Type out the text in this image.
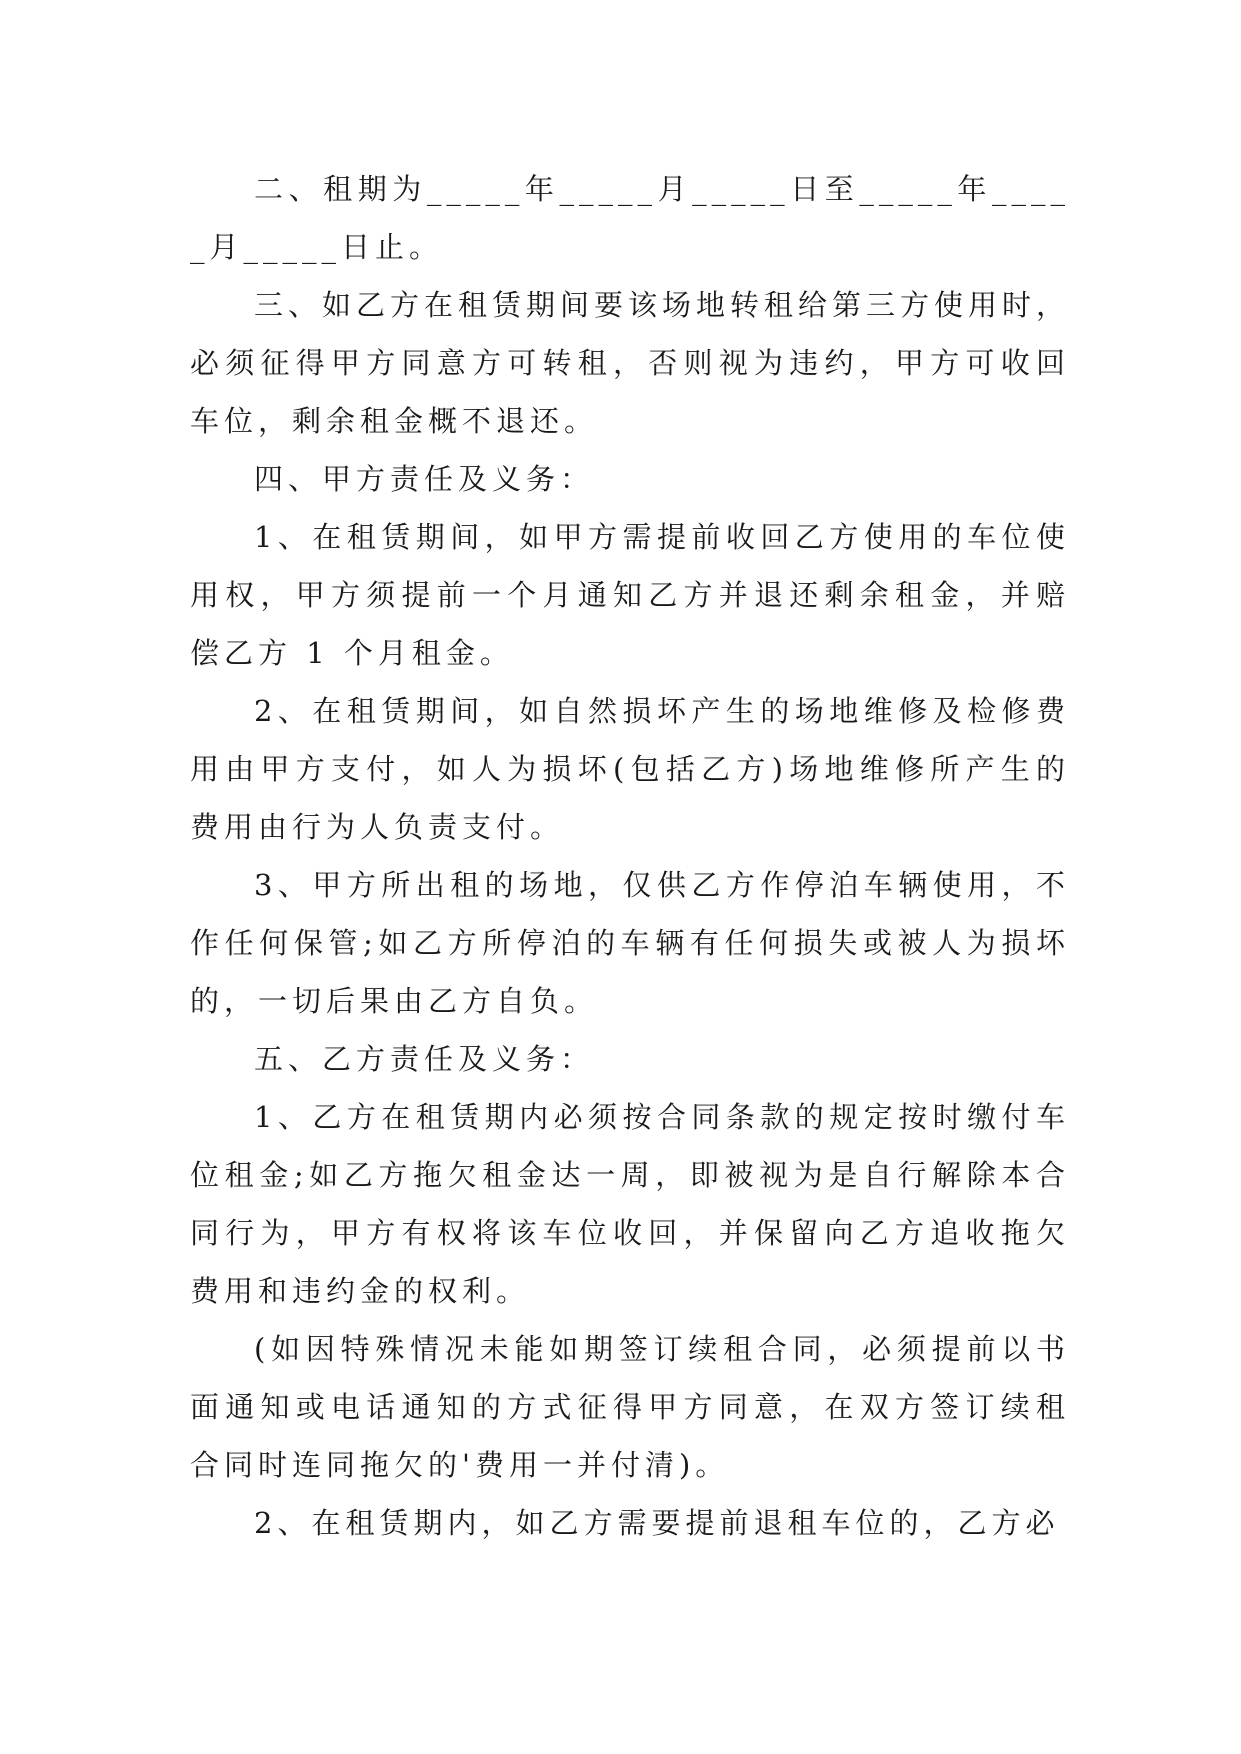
二、租期为_____年_____月_____日至_____年_____月_____日止。

三、如乙方在租赁期间要该场地转租给第三方使用时，必须征得甲方同意方可转租，否则视为违约，甲方可收回车位，剩余租金概不退还。

四、甲方责任及义务：

1、在租赁期间，如甲方需提前收回乙方使用的车位使用权，甲方须提前一个月通知乙方并退还剩余租金，并赔偿乙方 1 个月租金。

2、在租赁期间，如自然损坏产生的场地维修及检修费用由甲方支付，如人为损坏(包括乙方)场地维修所产生的费用由行为人负责支付。

3、甲方所出租的场地，仅供乙方作停泊车辆使用，不作任何保管;如乙方所停泊的车辆有任何损失或被人为损坏的，一切后果由乙方自负。

五、乙方责任及义务：

1、乙方在租赁期内必须按合同条款的规定按时缴付车位租金;如乙方拖欠租金达一周，即被视为是自行解除本合同行为，甲方有权将该车位收回，并保留向乙方追收拖欠费用和违约金的权利。

(如因特殊情况未能如期签订续租合同，必须提前以书面通知或电话通知的方式征得甲方同意，在双方签订续租合同时连同拖欠的'费用一并付清)。

2、在租赁期内，如乙方需要提前退租车位的，乙方必
